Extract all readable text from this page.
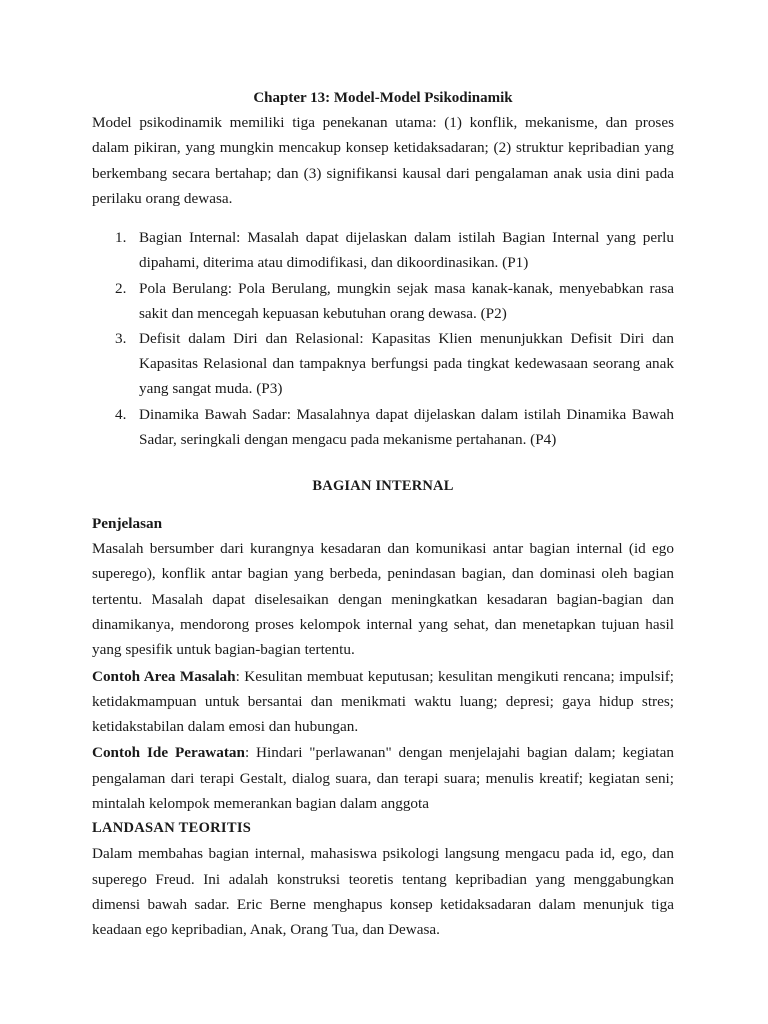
Chapter 13: Model-Model Psikodinamik

Model psikodinamik memiliki tiga penekanan utama: (1) konflik, mekanisme, dan proses dalam pikiran, yang mungkin mencakup konsep ketidaksadaran; (2) struktur kepribadian yang berkembang secara bertahap; dan (3) signifikansi kausal dari pengalaman anak usia dini pada perilaku orang dewasa.

1. Bagian Internal: Masalah dapat dijelaskan dalam istilah Bagian Internal yang perlu dipahami, diterima atau dimodifikasi, dan dikoordinasikan. (P1)
2. Pola Berulang: Pola Berulang, mungkin sejak masa kanak-kanak, menyebabkan rasa sakit dan mencegah kepuasan kebutuhan orang dewasa. (P2)
3. Defisit dalam Diri dan Relasional: Kapasitas Klien menunjukkan Defisit Diri dan Kapasitas Relasional dan tampaknya berfungsi pada tingkat kedewasaan seorang anak yang sangat muda. (P3)
4. Dinamika Bawah Sadar: Masalahnya dapat dijelaskan dalam istilah Dinamika Bawah Sadar, seringkali dengan mengacu pada mekanisme pertahanan. (P4)
BAGIAN INTERNAL
Penjelasan

Masalah bersumber dari kurangnya kesadaran dan komunikasi antar bagian internal (id ego superego), konflik antar bagian yang berbeda, penindasan bagian, dan dominasi oleh bagian tertentu. Masalah dapat diselesaikan dengan meningkatkan kesadaran bagian-bagian dan dinamikanya, mendorong proses kelompok internal yang sehat, dan menetapkan tujuan hasil yang spesifik untuk bagian-bagian tertentu.

Contoh Area Masalah: Kesulitan membuat keputusan; kesulitan mengikuti rencana; impulsif; ketidakmampuan untuk bersantai dan menikmati waktu luang; depresi; gaya hidup stres; ketidakstabilan dalam emosi dan hubungan.

Contoh Ide Perawatan: Hindari "perlawanan" dengan menjelajahi bagian dalam; kegiatan pengalaman dari terapi Gestalt, dialog suara, dan terapi suara; menulis kreatif; kegiatan seni; mintalah kelompok memerankan bagian dalam anggota

LANDASAN TEORITIS

Dalam membahas bagian internal, mahasiswa psikologi langsung mengacu pada id, ego, dan superego Freud. Ini adalah konstruksi teoretis tentang kepribadian yang menggabungkan dimensi bawah sadar. Eric Berne menghapus konsep ketidaksadaran dalam menunjuk tiga keadaan ego kepribadian, Anak, Orang Tua, dan Dewasa.
